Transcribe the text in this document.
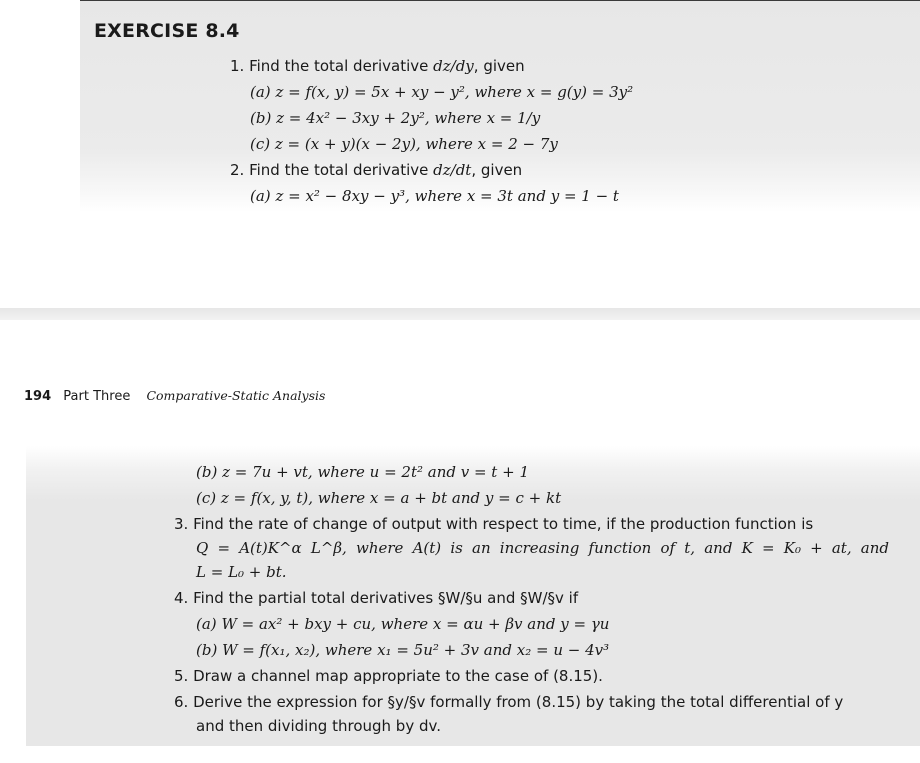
EXERCISE 8.4
1. Find the total derivative dz/dy, given
(a) z = f(x, y) = 5x + xy − y², where x = g(y) = 3y²
(b) z = 4x² − 3xy + 2y², where x = 1/y
(c) z = (x + y)(x − 2y), where x = 2 − 7y
2. Find the total derivative dz/dt, given
(a) z = x² − 8xy − y³, where x = 3t and y = 1 − t
194 Part Three Comparative-Static Analysis
(b) z = 7u + vt, where u = 2t² and v = t + 1
(c) z = f(x, y, t), where x = a + bt and y = c + kt
3. Find the rate of change of output with respect to time, if the production function is
Q = A(t)K^α L^β, where A(t) is an increasing function of t, and K = K₀ + at, and
L = L₀ + bt.
4. Find the partial total derivatives §W/§u and §W/§v if
(a) W = ax² + bxy + cu, where x = αu + βv and y = γu
(b) W = f(x₁, x₂), where x₁ = 5u² + 3v and x₂ = u − 4v³
5. Draw a channel map appropriate to the case of (8.15).
6. Derive the expression for §y/§v formally from (8.15) by taking the total differential of y
and then dividing through by dv.
